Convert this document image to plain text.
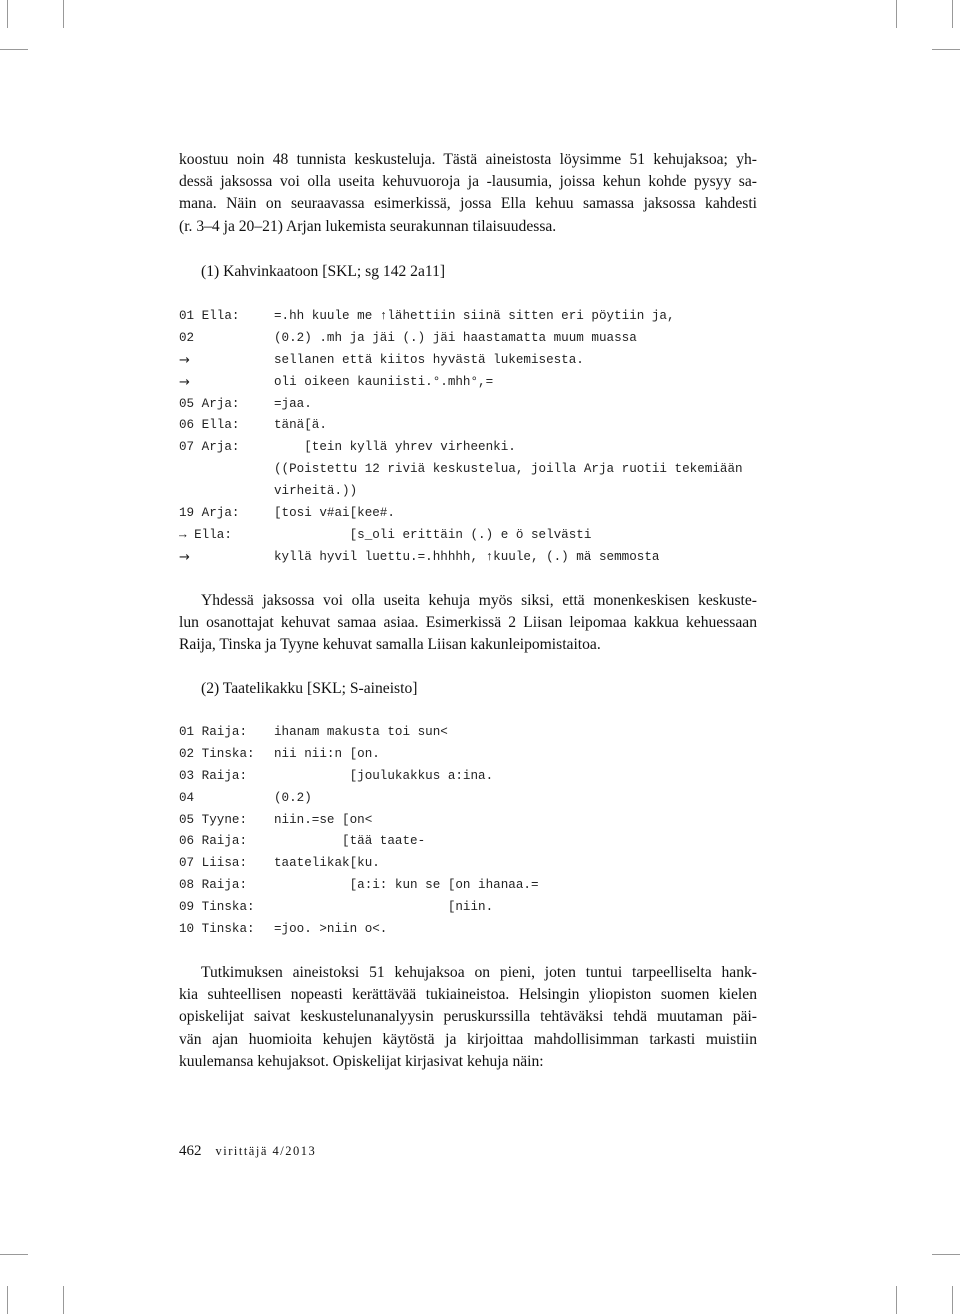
koostuu noin 48 tunnista keskusteluja. Tästä aineistosta löysimme 51 kehujaksoa; yh-
dessä jaksossa voi olla useita kehuvuoroja ja -lausumia, joissa kehun kohde pysyy sa-
mana. Näin on seuraavassa esimerkissä, jossa Ella kehuu samassa jaksossa kahdesti
(r. 3–4 ja 20–21) Arjan lukemista seurakunnan tilaisuudessa.
(1) Kahvinkaatoon [SKL; sg 142 2a11]
01 Ella:	=.hh kuule me ↑lähettiin siinä sitten eri pöytiin ja,
02	(0.2) .mh ja jäi (.) jäi haastamatta muum muassa
→	sellanen että kiitos hyvästä lukemisesta.
→	oli oikeen kauniisti.°.mhh°,=
05 Arja:	=jaa.
06 Ella:	tänä[ä.
07 Arja:	[tein kyllä yhrev virheenki.
((Poistettu 12 riviä keskustelua, joilla Arja ruotii tekemiään
virheitä.))
19 Arja:	[tosi v#ai[kee#.
→ Ella:	[s_oli erittäin (.) e ö selvästi
→	kyllä hyvil luettu.=.hhhhh, ↑kuule, (.) mä semmosta
Yhdessä jaksossa voi olla useita kehuja myös siksi, että monenkeskisen keskuste-
lun osanottajat kehuvat samaa asiaa. Esimerkissä 2 Liisan leipomaa kakkua kehuessaan
Raija, Tinska ja Tyyne kehuvat samalla Liisan kakunleipomistaitoa.
(2) Taatelikakku [SKL; S-aineisto]
01 Raija: ihanam makusta toi sun<
02 Tinska: nii nii:n [on.
03 Raija: [joulukakkus a:ina.
04	(0.2)
05 Tyyne: niin.=se [on<
06 Raija: [tää taate-
07 Liisa: taatelikak[ku.
08 Raija: [a:i: kun se [on ihanaa.=
09 Tinska: [niin.
10 Tinska: =joo. >niin o<.
Tutkimuksen aineistoksi 51 kehujaksoa on pieni, joten tuntui tarpeelliselta hank-
kia suhteellisen nopeasti kerättävää tukiaineistoa. Helsingin yliopiston suomen kielen
opiskelijat saivat keskustelunanalyysin peruskurssilla tehtäväksi tehdä muutaman päi-
vän ajan huomioita kehujen käytöstä ja kirjoittaa mahdollisimman tarkasti muistiin
kuulemansa kehujaksot. Opiskelijat kirjasivat kehuja näin:
462 virittäjä 4/2013
